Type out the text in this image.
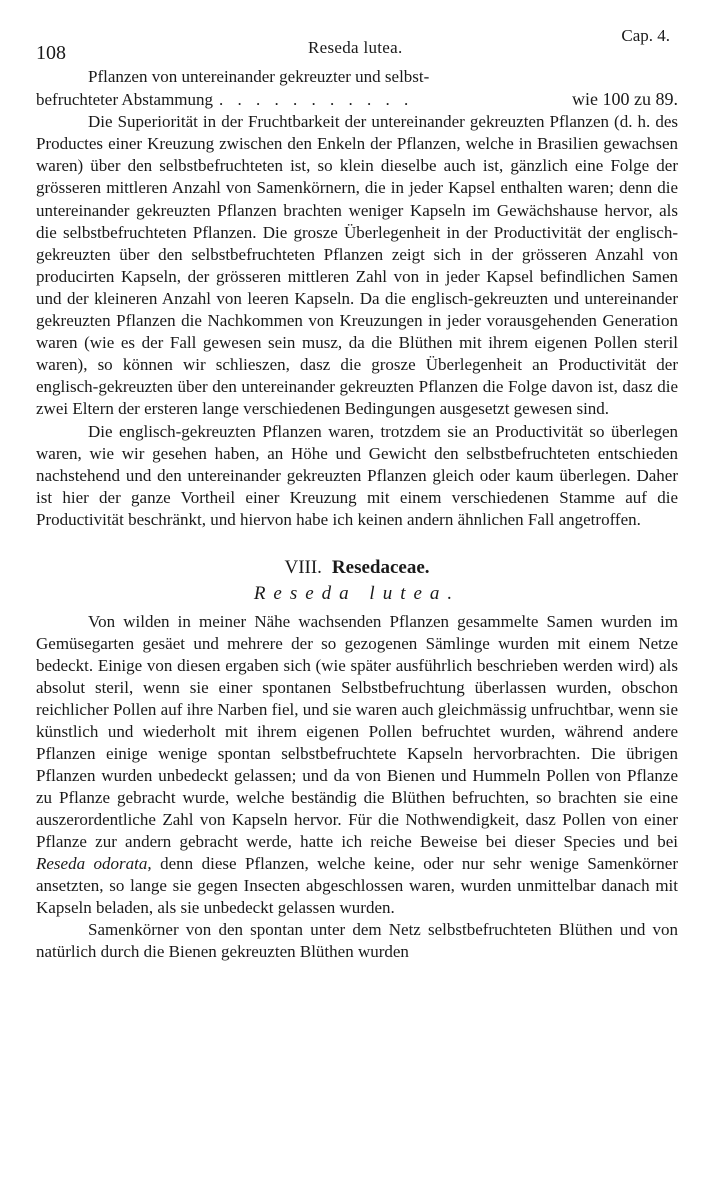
108	Reseda lutea.
Cap. 4.

Pflanzen von untereinander gekreuzter und selbst-

befruchteter Abstammung . . . . . . . . . . .	wie 100 zu 89.

Die Superiorität in der Fruchtbarkeit der untereinander gekreuzten Pflanzen (d. h. des Productes einer Kreuzung zwischen den Enkeln der Pflanzen, welche in Brasilien gewachsen waren) über den selbstbefruchteten ist, so klein dieselbe auch ist, gänzlich eine Folge der grösseren mittleren Anzahl von Samenkörnern, die in jeder Kapsel enthalten waren; denn die untereinander gekreuzten Pflanzen brachten weniger Kapseln im Gewächshause hervor, als die selbstbefruchteten Pflanzen. Die grosze Überlegenheit in der Productivität der englisch-gekreuzten über den selbstbefruchteten Pflanzen zeigt sich in der grösseren Anzahl von producirten Kapseln, der grösseren mittleren Zahl von in jeder Kapsel befindlichen Samen und der kleineren Anzahl von leeren Kapseln. Da die englisch-gekreuzten und untereinander gekreuzten Pflanzen die Nachkommen von Kreuzungen in jeder vorausgehenden Generation waren (wie es der Fall gewesen sein musz, da die Blüthen mit ihrem eigenen Pollen steril waren), so können wir schlieszen, dasz die grosze Überlegenheit an Productivität der englisch-gekreuzten über den untereinander gekreuzten Pflanzen die Folge davon ist, dasz die zwei Eltern der ersteren lange verschiedenen Bedingungen ausgesetzt gewesen sind.

Die englisch-gekreuzten Pflanzen waren, trotzdem sie an Productivität so überlegen waren, wie wir gesehen haben, an Höhe und Gewicht den selbstbefruchteten entschieden nachstehend und den untereinander gekreuzten Pflanzen gleich oder kaum überlegen. Daher ist hier der ganze Vortheil einer Kreuzung mit einem verschiedenen Stamme auf die Productivität beschränkt, und hiervon habe ich keinen andern ähnlichen Fall angetroffen.

VIII. Resedaceae.
Reseda lutea.

Von wilden in meiner Nähe wachsenden Pflanzen gesammelte Samen wurden im Gemüsegarten gesäet und mehrere der so gezogenen Sämlinge wurden mit einem Netze bedeckt. Einige von diesen ergaben sich (wie später ausführlich beschrieben werden wird) als absolut steril, wenn sie einer spontanen Selbstbefruchtung überlassen wurden, obschon reichlicher Pollen auf ihre Narben fiel, und sie waren auch gleichmässig unfruchtbar, wenn sie künstlich und wiederholt mit ihrem eigenen Pollen befruchtet wurden, während andere Pflanzen einige wenige spontan selbstbefruchtete Kapseln hervorbrachten. Die übrigen Pflanzen wurden unbedeckt gelassen; und da von Bienen und Hummeln Pollen von Pflanze zu Pflanze gebracht wurde, welche beständig die Blüthen befruchten, so brachten sie eine auszerordentliche Zahl von Kapseln hervor. Für die Nothwendigkeit, dasz Pollen von einer Pflanze zur andern gebracht werde, hatte ich reiche Beweise bei dieser Species und bei Reseda odorata, denn diese Pflanzen, welche keine, oder nur sehr wenige Samenkörner ansetzten, so lange sie gegen Insecten abgeschlossen waren, wurden unmittelbar danach mit Kapseln beladen, als sie unbedeckt gelassen wurden.

Samenkörner von den spontan unter dem Netz selbstbefruchteten Blüthen und von natürlich durch die Bienen gekreuzten Blüthen wurden
